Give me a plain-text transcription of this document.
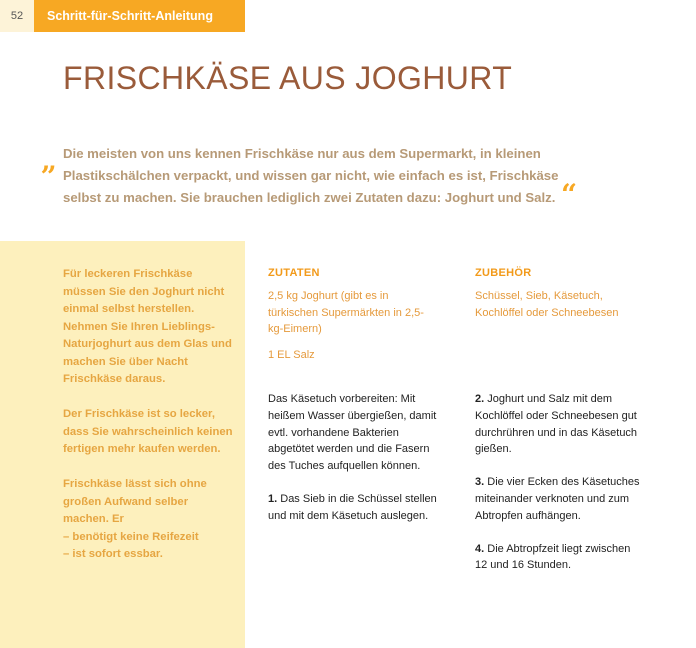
52	Schritt-für-Schritt-Anleitung
FRISCHKÄSE AUS JOGHURT
„ Die meisten von uns kennen Frischkäse nur aus dem Supermarkt, in kleinen Plastikschälchen verpackt, und wissen gar nicht, wie einfach es ist, Frischkäse selbst zu machen. Sie brauchen lediglich zwei Zutaten dazu: Joghurt und Salz. “

Für leckeren Frischkäse müssen Sie den Joghurt nicht einmal selbst herstellen. Nehmen Sie Ihren Lieblings-Naturjoghurt aus dem Glas und machen Sie über Nacht Frischkäse daraus.

Der Frischkäse ist so lecker, dass Sie wahrscheinlich keinen fertigen mehr kaufen werden.

Frischkäse lässt sich ohne großen Aufwand selber machen. Er
– benötigt keine Reifezeit
– ist sofort essbar.
ZUTATEN

2,5 kg Joghurt (gibt es in türkischen Supermärkten in 2,5-kg-Eimern)

1 EL Salz

ZUBEHÖR

Schüssel, Sieb, Käsetuch, Kochlöffel oder Schneebesen

Das Käsetuch vorbereiten: Mit heißem Wasser übergießen, damit evtl. vorhandene Bakterien abgetötet werden und die Fasern des Tuches aufquellen können.

1. Das Sieb in die Schüssel stellen und mit dem Käsetuch auslegen.

2. Joghurt und Salz mit dem Kochlöffel oder Schneebesen gut durchrühren und in das Käsetuch gießen.

3. Die vier Ecken des Käsetuches miteinander verknoten und zum Abtropfen aufhängen.

4. Die Abtropfzeit liegt zwischen 12 und 16 Stunden.
